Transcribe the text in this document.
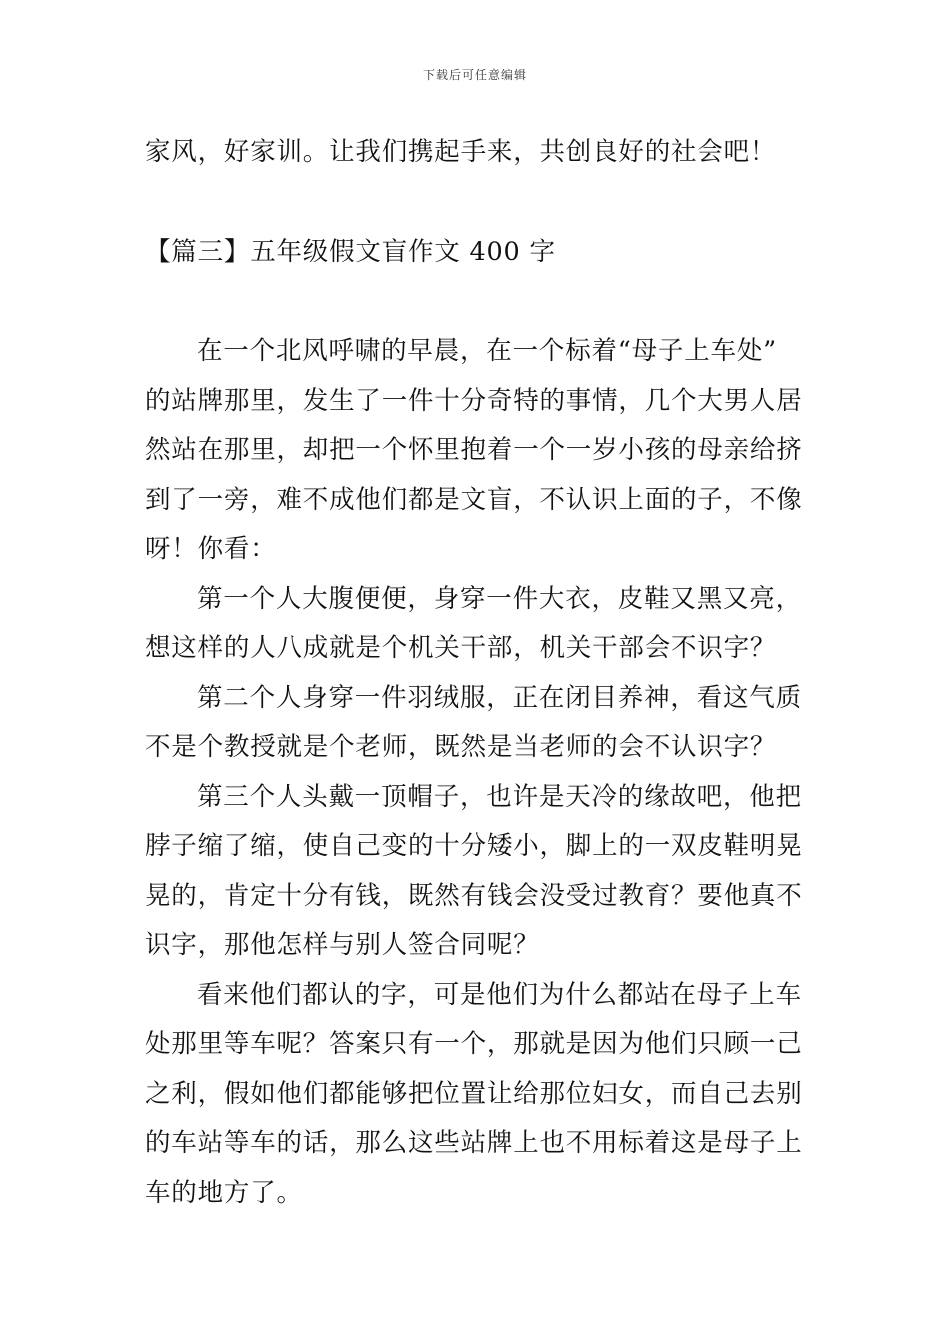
下载后可任意编辑
家风，好家训。让我们携起手来，共创良好的社会吧！
【篇三】五年级假文盲作文 400 字
在一个北风呼啸的早晨，在一个标着“母子上车处”
的站牌那里，发生了一件十分奇特的事情，几个大男人居
然站在那里，却把一个怀里抱着一个一岁小孩的母亲给挤
到了一旁，难不成他们都是文盲，不认识上面的子，不像
呀！你看：
第一个人大腹便便，身穿一件大衣，皮鞋又黑又亮，
想这样的人八成就是个机关干部，机关干部会不识字？
第二个人身穿一件羽绒服，正在闭目养神，看这气质
不是个教授就是个老师，既然是当老师的会不认识字？
第三个人头戴一顶帽子，也许是天冷的缘故吧，他把
脖子缩了缩，使自己变的十分矮小，脚上的一双皮鞋明晃
晃的，肯定十分有钱，既然有钱会没受过教育？要他真不
识字，那他怎样与别人签合同呢？
看来他们都认的字，可是他们为什么都站在母子上车
处那里等车呢？答案只有一个，那就是因为他们只顾一己
之利，假如他们都能够把位置让给那位妇女，而自己去别
的车站等车的话，那么这些站牌上也不用标着这是母子上
车的地方了。
